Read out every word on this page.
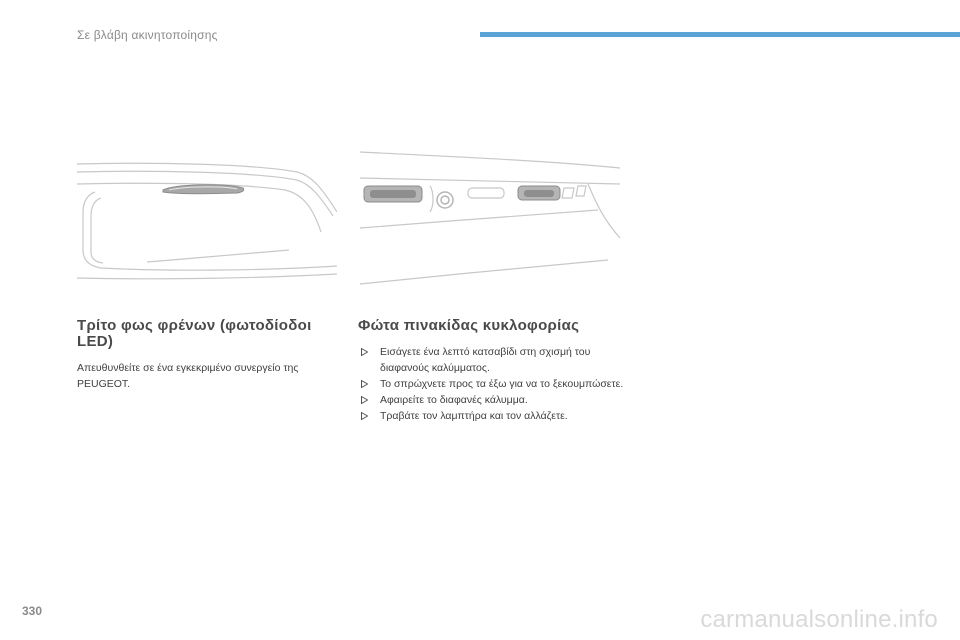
Σε βλάβη ακινητοποίησης
Τρίτο φως φρένων (φωτοδίοδοι LED)

Απευθυνθείτε σε ένα εγκεκριμένο συνεργείο της PEUGEOT.

Φώτα πινακίδας κυκλοφορίας
Εισάγετε ένα λεπτό κατσαβίδι στη σχισμή του διαφανούς καλύμματος.
Το σπρώχνετε προς τα έξω για να το ξεκουμπώσετε.
Αφαιρείτε το διαφανές κάλυμμα.
Τραβάτε τον λαμπτήρα και τον αλλάζετε.
330	carmanualsonline.info
